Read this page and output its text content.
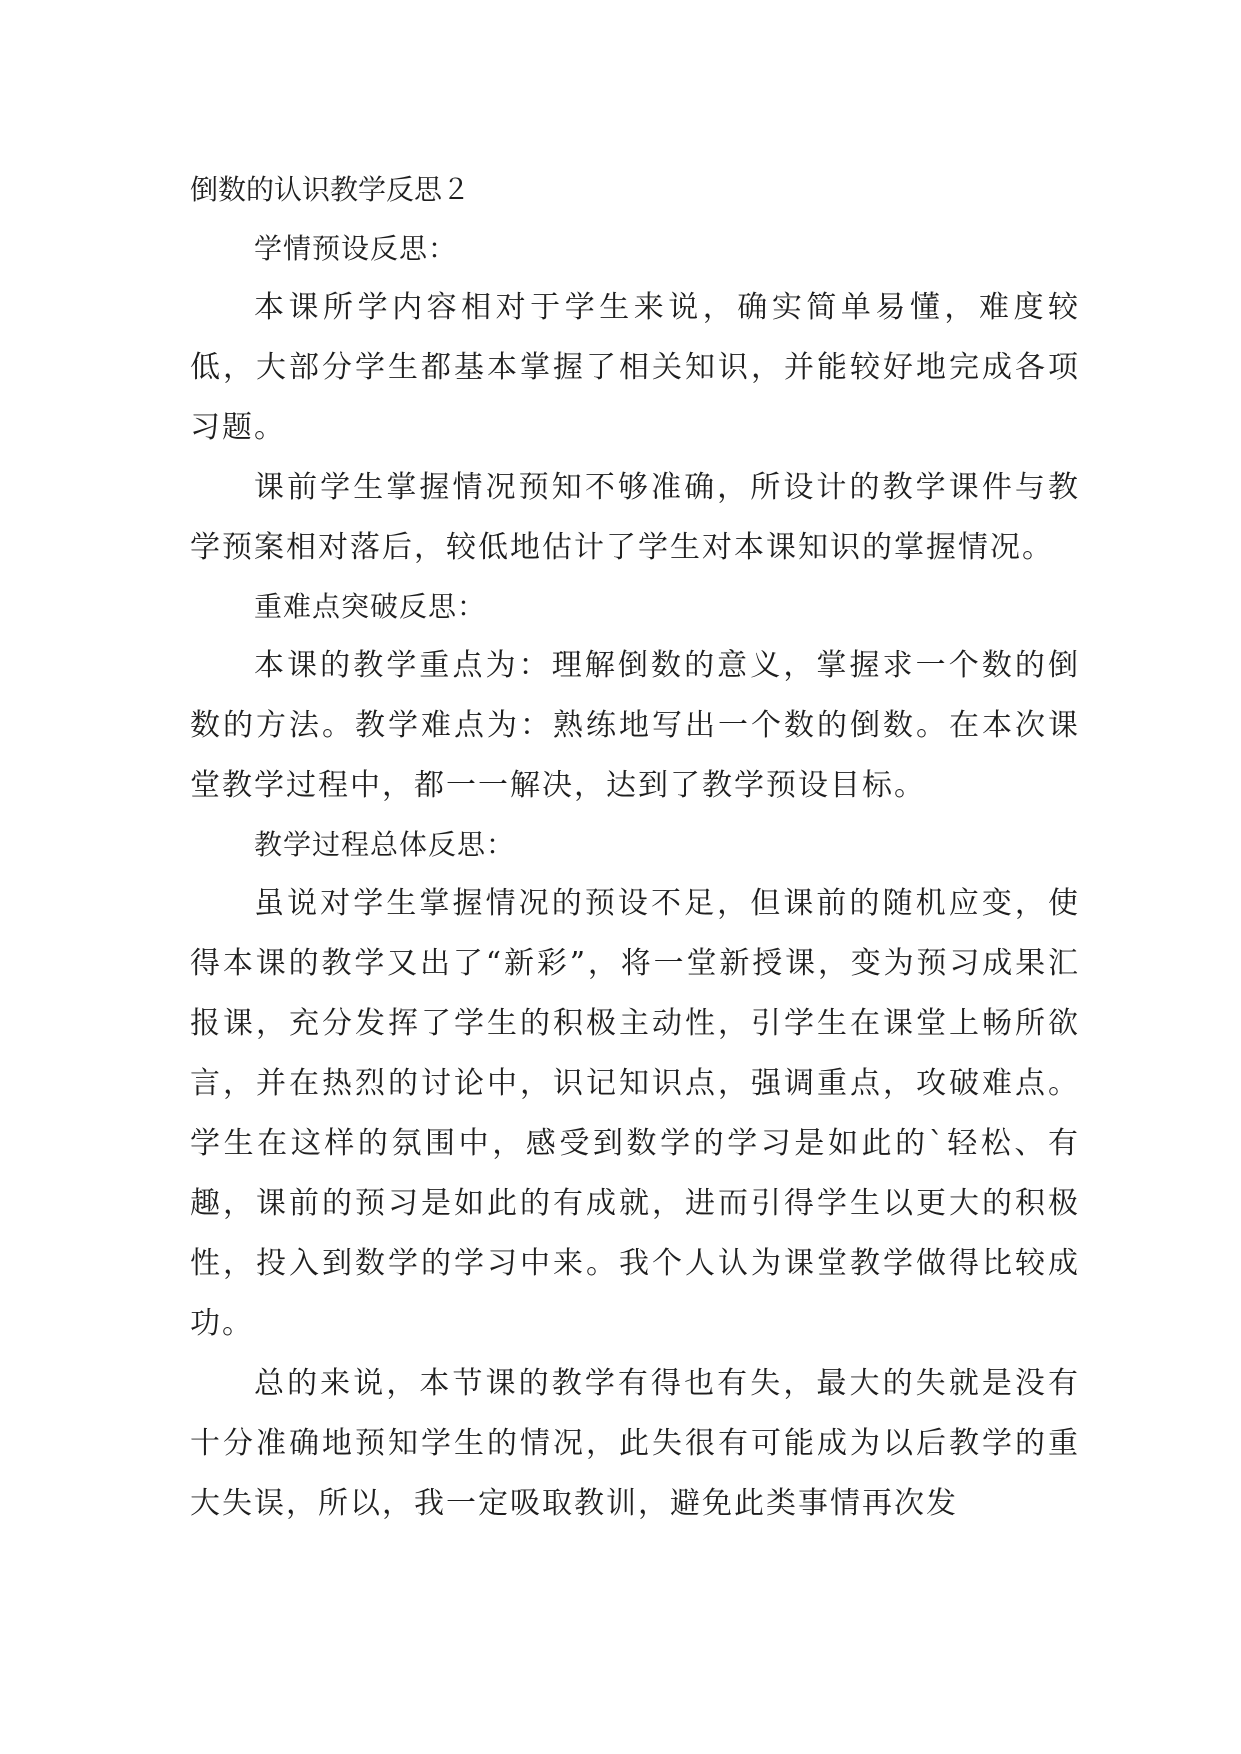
倒数的认识教学反思２

学情预设反思：

本课所学内容相对于学生来说，确实简单易懂，难度较低，大部分学生都基本掌握了相关知识，并能较好地完成各项习题。

课前学生掌握情况预知不够准确，所设计的教学课件与教学预案相对落后，较低地估计了学生对本课知识的掌握情况。

重难点突破反思：

本课的教学重点为：理解倒数的意义，掌握求一个数的倒数的方法。教学难点为：熟练地写出一个数的倒数。在本次课堂教学过程中，都一一解决，达到了教学预设目标。

教学过程总体反思：

虽说对学生掌握情况的预设不足，但课前的随机应变，使得本课的教学又出了“新彩”，将一堂新授课，变为预习成果汇报课，充分发挥了学生的积极主动性，引学生在课堂上畅所欲言，并在热烈的讨论中，识记知识点，强调重点，攻破难点。学生在这样的氛围中，感受到数学的学习是如此的`轻松、有趣，课前的预习是如此的有成就，进而引得学生以更大的积极性，投入到数学的学习中来。我个人认为课堂教学做得比较成功。

总的来说，本节课的教学有得也有失，最大的失就是没有十分准确地预知学生的情况，此失很有可能成为以后教学的重大失误，所以，我一定吸取教训，避免此类事情再次发
